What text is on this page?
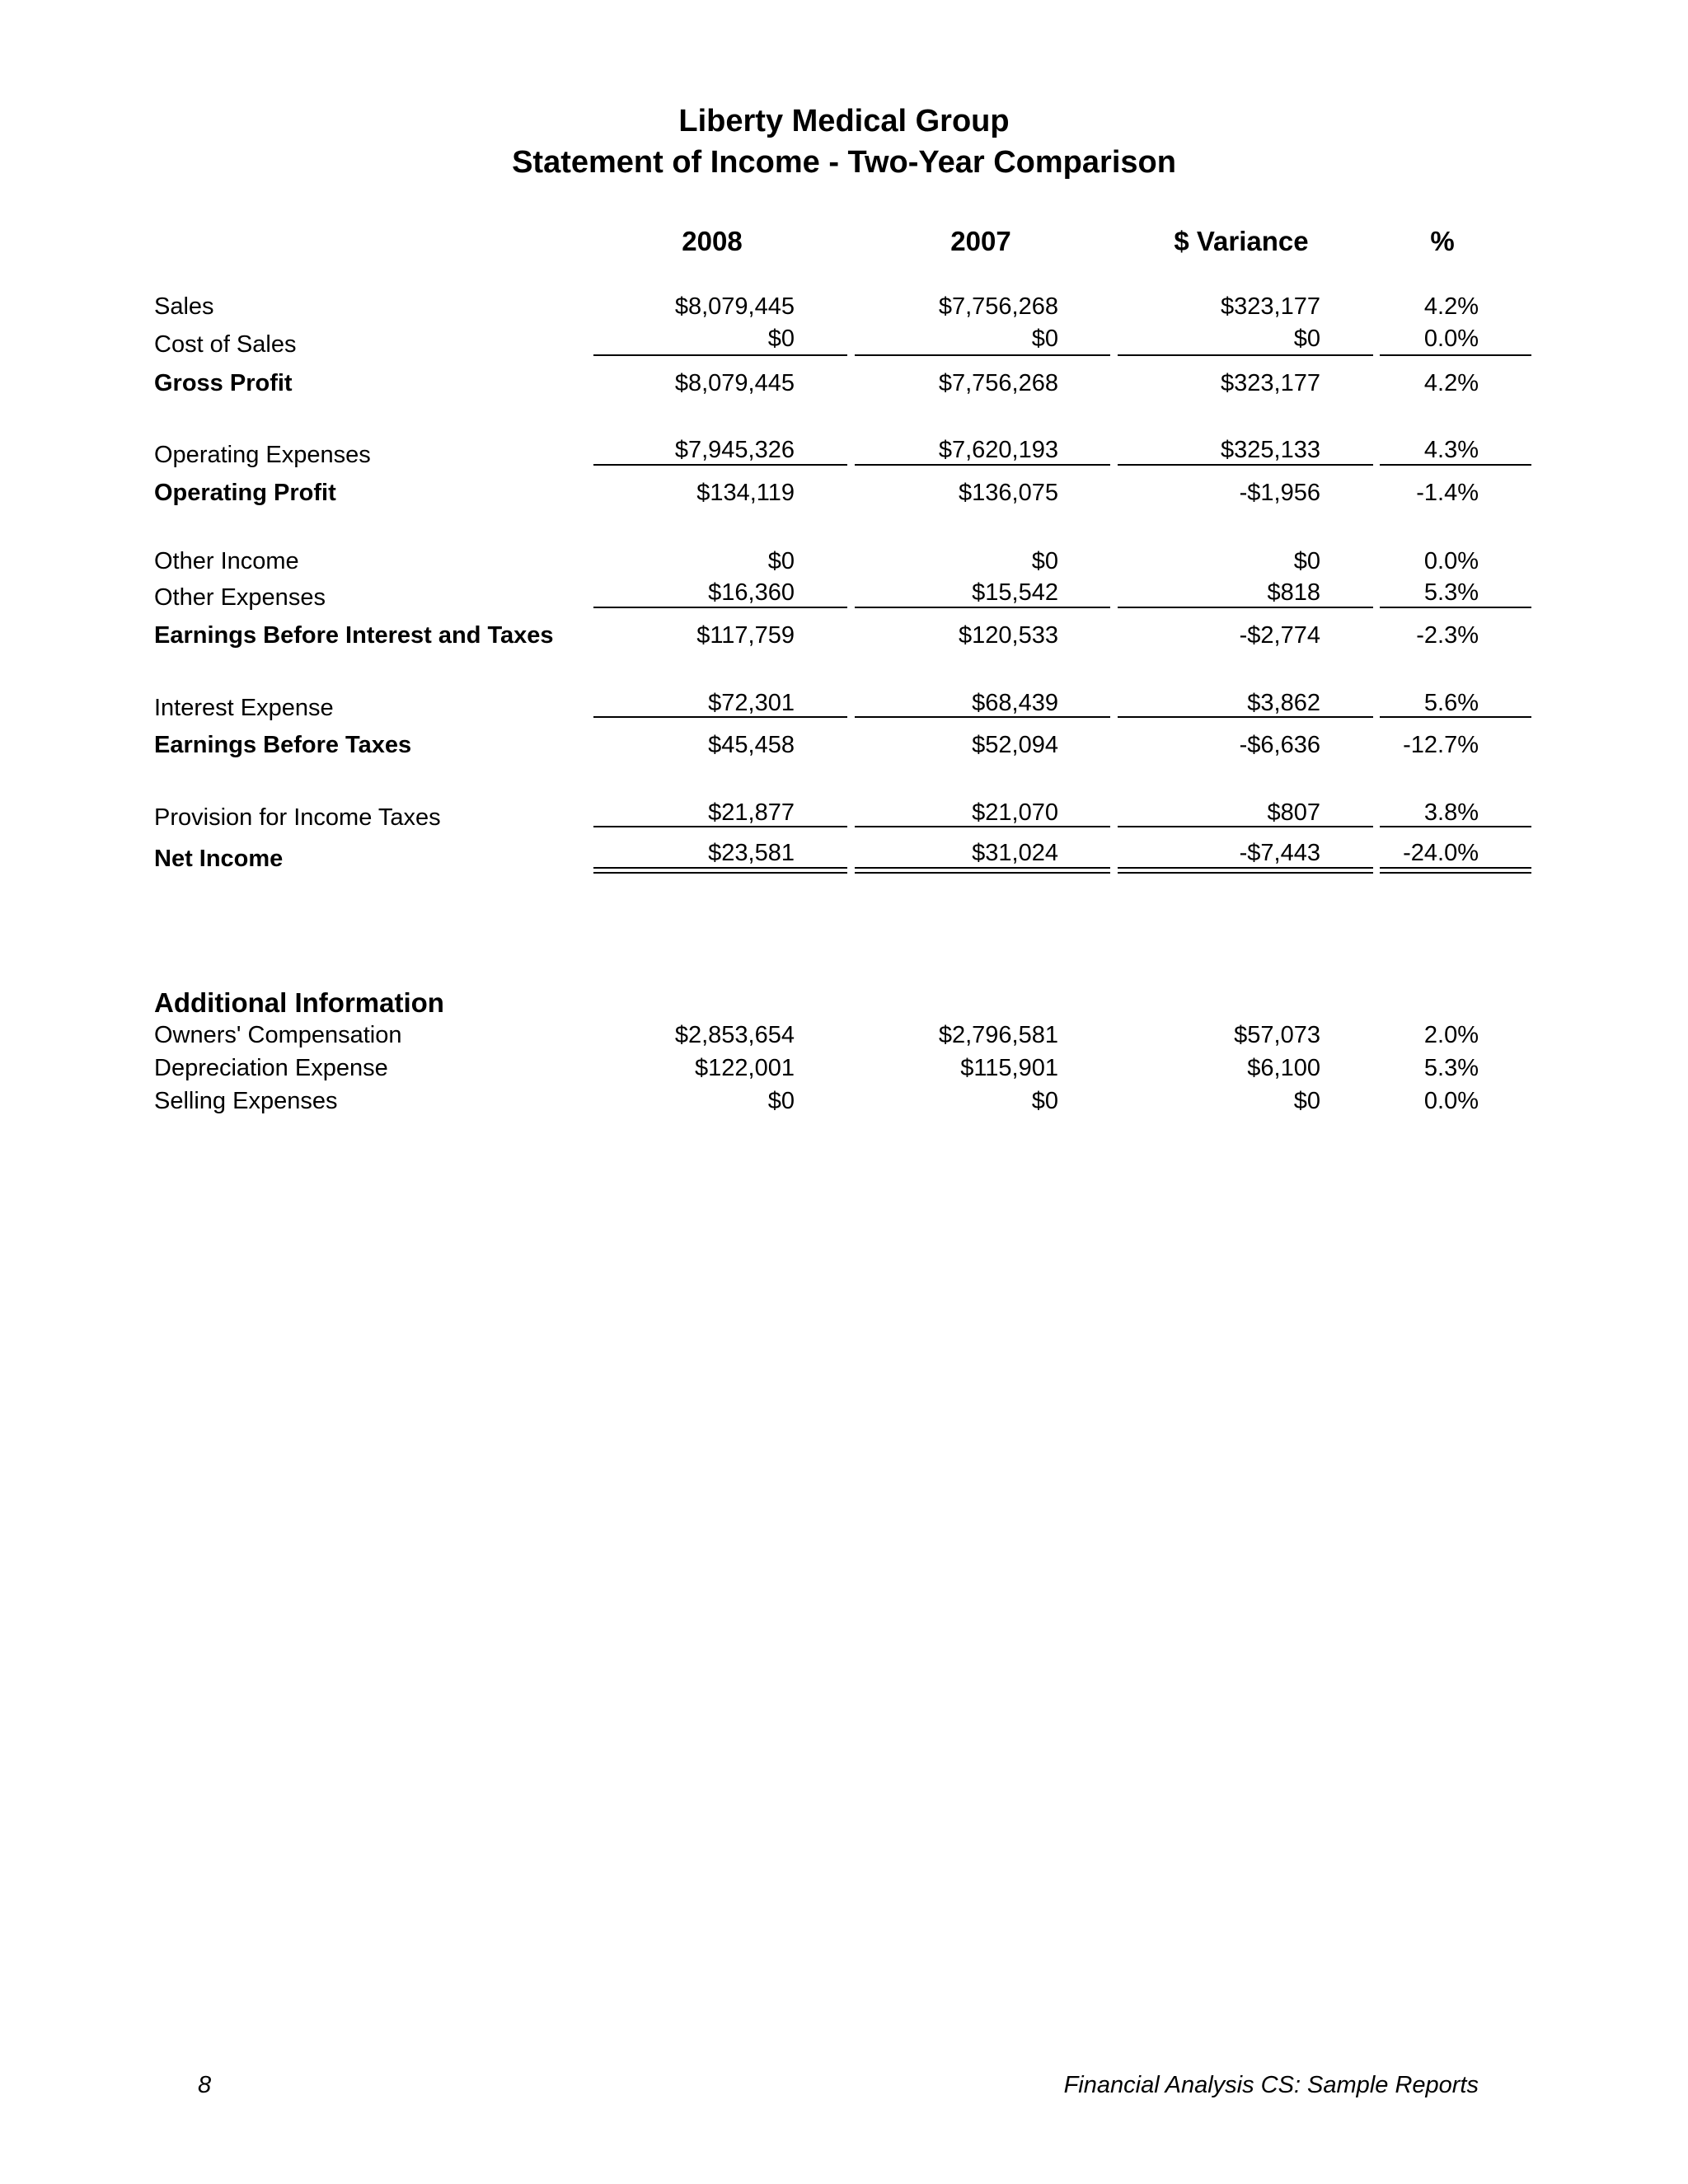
Liberty Medical Group
Statement of Income - Two-Year Comparison
2008	2007	$ Variance	%
Sales	$8,079,445	$7,756,268	$323,177	4.2%
Cost of Sales	$0	$0	$0	0.0%
Gross Profit	$8,079,445	$7,756,268	$323,177	4.2%
Operating Expenses	$7,945,326	$7,620,193	$325,133	4.3%
Operating Profit	$134,119	$136,075	-$1,956	-1.4%
Other Income	$0	$0	$0	0.0%
Other Expenses	$16,360	$15,542	$818	5.3%
Earnings Before Interest and Taxes	$117,759	$120,533	-$2,774	-2.3%
Interest Expense	$72,301	$68,439	$3,862	5.6%
Earnings Before Taxes	$45,458	$52,094	-$6,636	-12.7%
Provision for Income Taxes	$21,877	$21,070	$807	3.8%
Net Income	$23,581	$31,024	-$7,443	-24.0%
Additional Information
Owners' Compensation	$2,853,654	$2,796,581	$57,073	2.0%
Depreciation Expense	$122,001	$115,901	$6,100	5.3%
Selling Expenses	$0	$0	$0	0.0%
8	Financial Analysis CS: Sample Reports
